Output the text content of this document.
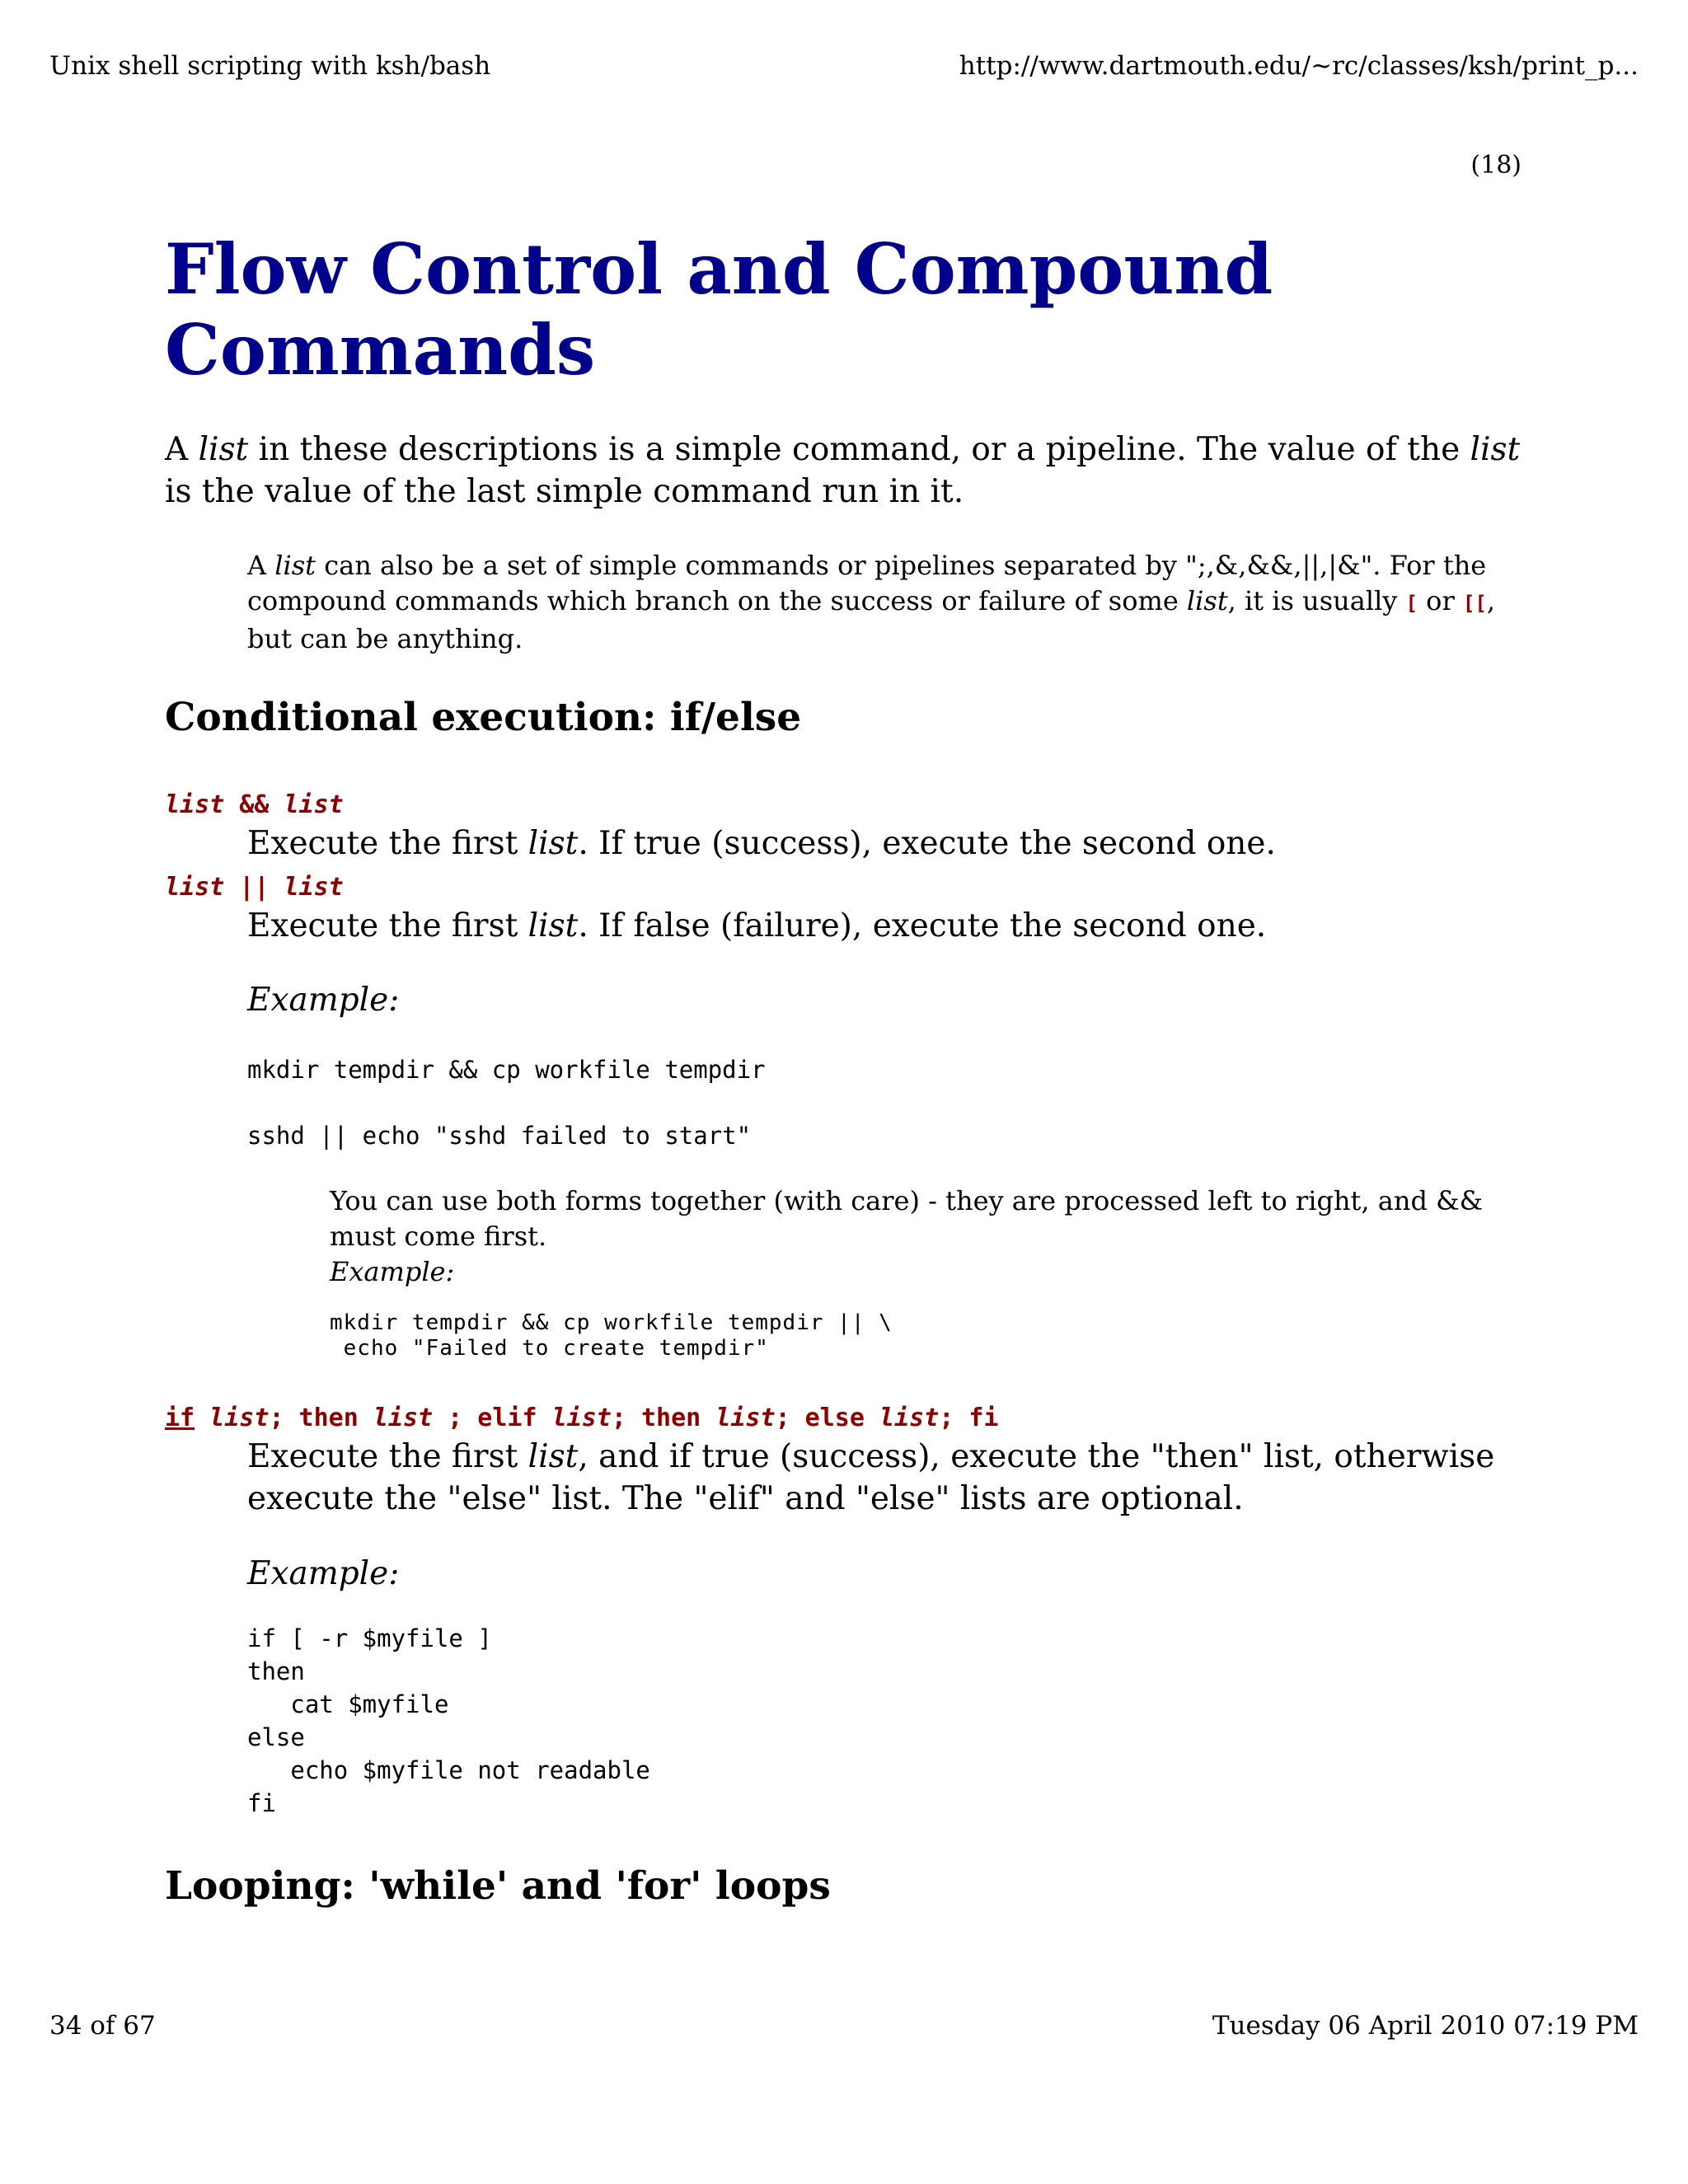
Unix shell scripting with ksh/bash	http://www.dartmouth.edu/~rc/classes/ksh/print_p...
(18)
Flow Control and Compound Commands

A list in these descriptions is a simple command, or a pipeline. The value of the list is the value of the last simple command run in it.

A list can also be a set of simple commands or pipelines separated by ";,&,&&,||,|&". For the compound commands which branch on the success or failure of some list, it is usually [ or [[, but can be anything.

Conditional execution: if/else
list && list

Execute the first list. If true (success), execute the second one.

list || list

Execute the first list. If false (failure), execute the second one.

Example:

mkdir tempdir && cp workfile tempdir
sshd || echo "sshd failed to start"

You can use both forms together (with care) - they are processed left to right, and && must come first.

Example:

mkdir tempdir && cp workfile tempdir || \
echo "Failed to create tempdir"
if list; then list ; elif list; then list; else list; fi

Execute the first list, and if true (success), execute the "then" list, otherwise execute the "else" list. The "elif" and "else" lists are optional.

Example:

if [ -r $myfile ]
then
cat $myfile
else
echo $myfile not readable
fi
Looping: 'while' and 'for' loops
34 of 67	Tuesday 06 April 2010 07:19 PM
